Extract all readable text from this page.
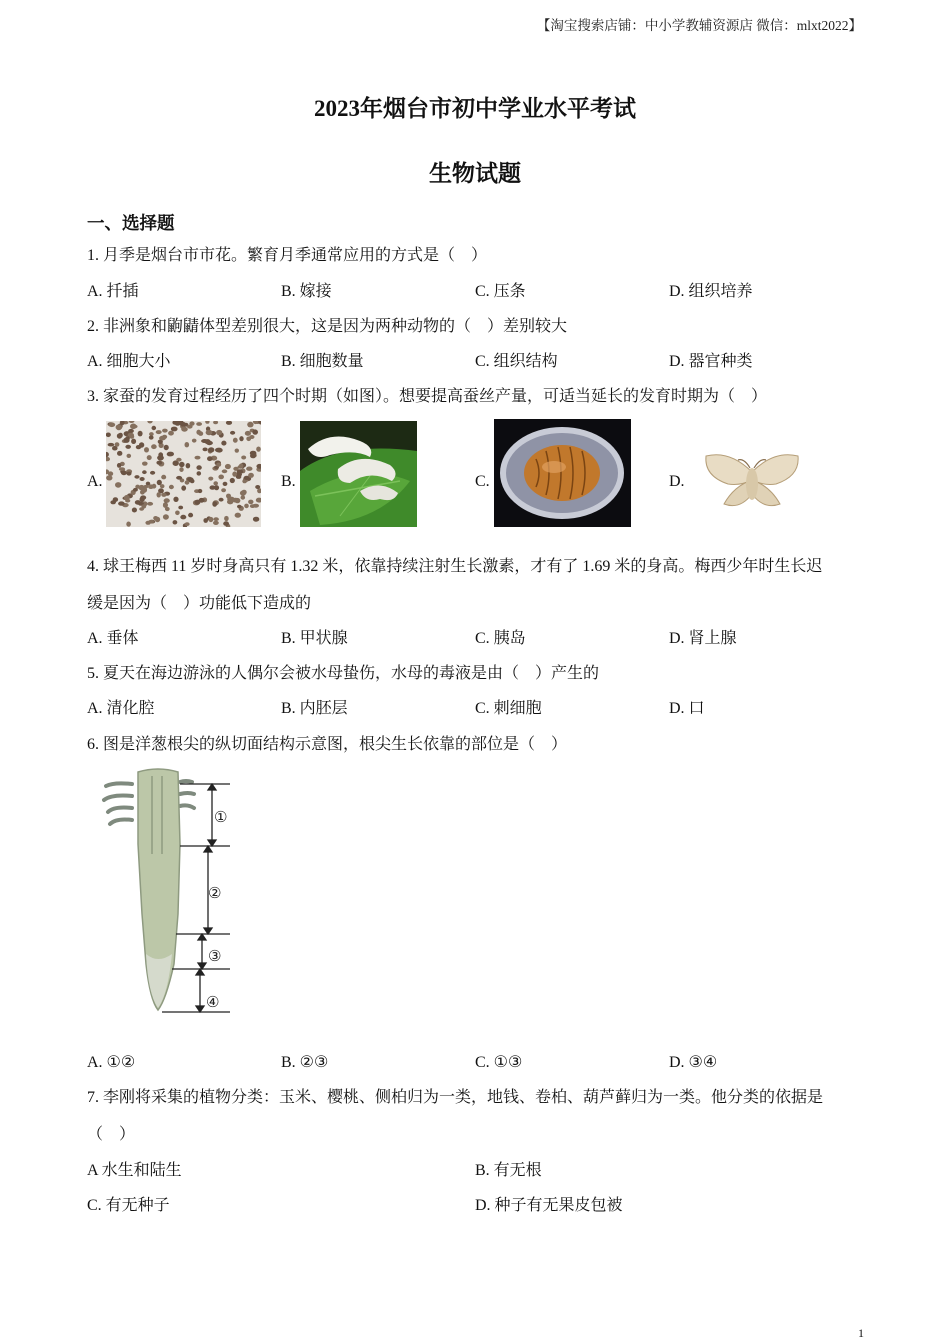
【淘宝搜索店铺：中小学教辅资源店 微信：mlxt2022】
2023年烟台市初中学业水平考试
生物试题
一、选择题
1. 月季是烟台市市花。繁育月季通常应用的方式是（　）
A. 扦插	B. 嫁接	C. 压条	D. 组织培养
2. 非洲象和鼩鼱体型差别很大，这是因为两种动物的（　）差别较大
A. 细胞大小	B. 细胞数量	C. 组织结构	D. 器官种类
3. 家蚕的发育过程经历了四个时期（如图）。想要提高蚕丝产量，可适当延长的发育时期为（　）
A.	B.	C.	D.
4. 球王梅西 11 岁时身高只有 1.32 米，依靠持续注射生长激素，才有了 1.69 米的身高。梅西少年时生长迟
缓是因为（　）功能低下造成的
A. 垂体	B. 甲状腺	C. 胰岛	D. 肾上腺
5. 夏天在海边游泳的人偶尔会被水母蛰伤，水母的毒液是由（　）产生的
A. 清化腔	B. 内胚层	C. 刺细胞	D. 口
6. 图是洋葱根尖的纵切面结构示意图，根尖生长依靠的部位是（　）
①
②
③
④
A. ①②	B. ②③	C. ①③	D. ③④
7. 李刚将采集的植物分类：玉米、樱桃、侧柏归为一类，地钱、卷柏、葫芦藓归为一类。他分类的依据是
（　）
A 水生和陆生	B. 有无根
C. 有无种子	D. 种子有无果皮包被
1
